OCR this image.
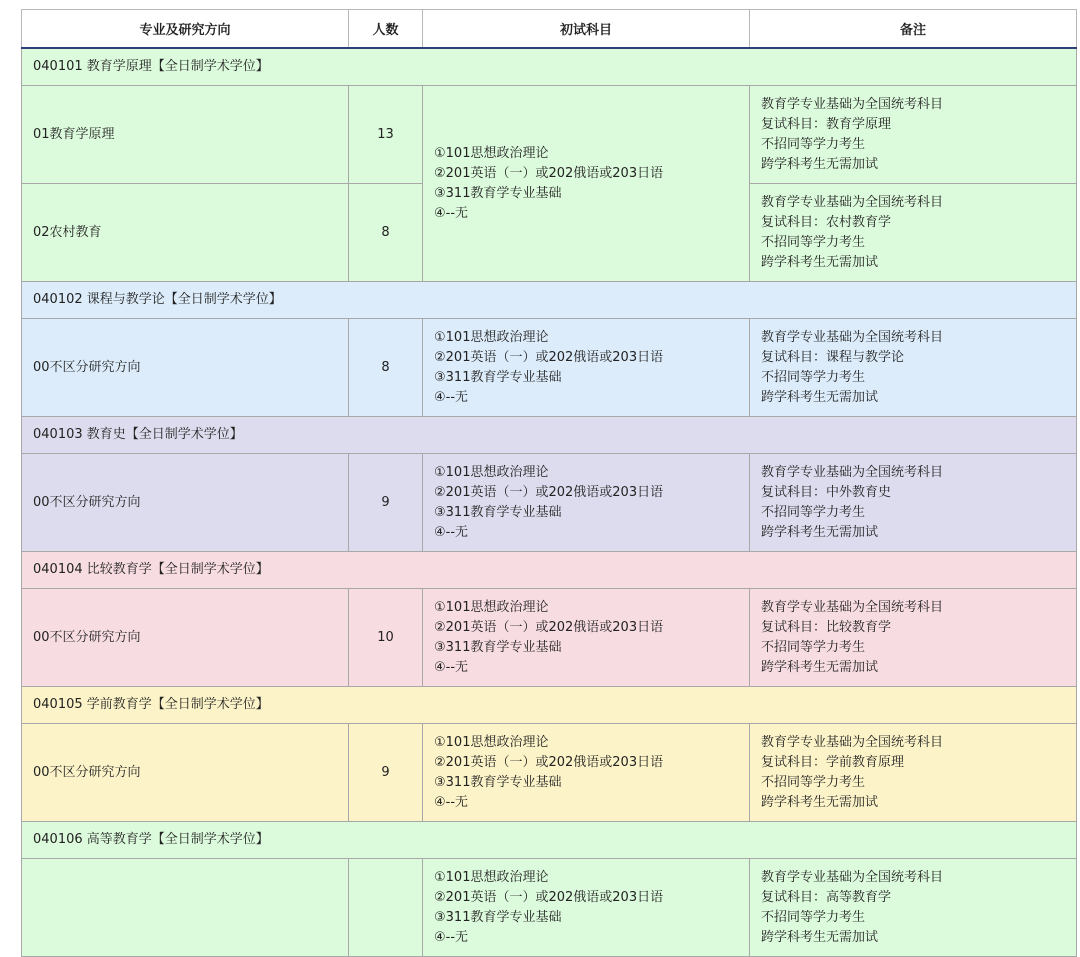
专业及研究方向	人数	初试科目	备注
040101 教育学原理【全日制学术学位】			
01教育学原理	13	①101思想政治理论
②201英语（一）或202俄语或203日语
③311教育学专业基础
④--无	教育学专业基础为全国统考科目
复试科目：教育学原理
不招同等学力考生
跨学科考生无需加试

02农村教育	8		教育学专业基础为全国统考科目
复试科目：农村教育学
不招同等学力考生
跨学科考生无需加试

040102 课程与教学论【全日制学术学位】			
00不区分研究方向	8	①101思想政治理论
②201英语（一）或202俄语或203日语
③311教育学专业基础
④--无	教育学专业基础为全国统考科目
复试科目：课程与教学论
不招同等学力考生
跨学科考生无需加试

040103 教育史【全日制学术学位】			
00不区分研究方向	9	①101思想政治理论
②201英语（一）或202俄语或203日语
③311教育学专业基础
④--无	教育学专业基础为全国统考科目
复试科目：中外教育史
不招同等学力考生
跨学科考生无需加试

040104 比较教育学【全日制学术学位】			
00不区分研究方向	10	①101思想政治理论
②201英语（一）或202俄语或203日语
③311教育学专业基础
④--无	教育学专业基础为全国统考科目
复试科目：比较教育学
不招同等学力考生
跨学科考生无需加试

040105 学前教育学【全日制学术学位】			
00不区分研究方向	9	①101思想政治理论
②201英语（一）或202俄语或203日语
③311教育学专业基础
④--无	教育学专业基础为全国统考科目
复试科目：学前教育原理
不招同等学力考生
跨学科考生无需加试

040106 高等教育学【全日制学术学位】			

		①101思想政治理论
②201英语（一）或202俄语或203日语
③311教育学专业基础
④--无	教育学专业基础为全国统考科目
复试科目：高等教育学
不招同等学力考生
跨学科考生无需加试
